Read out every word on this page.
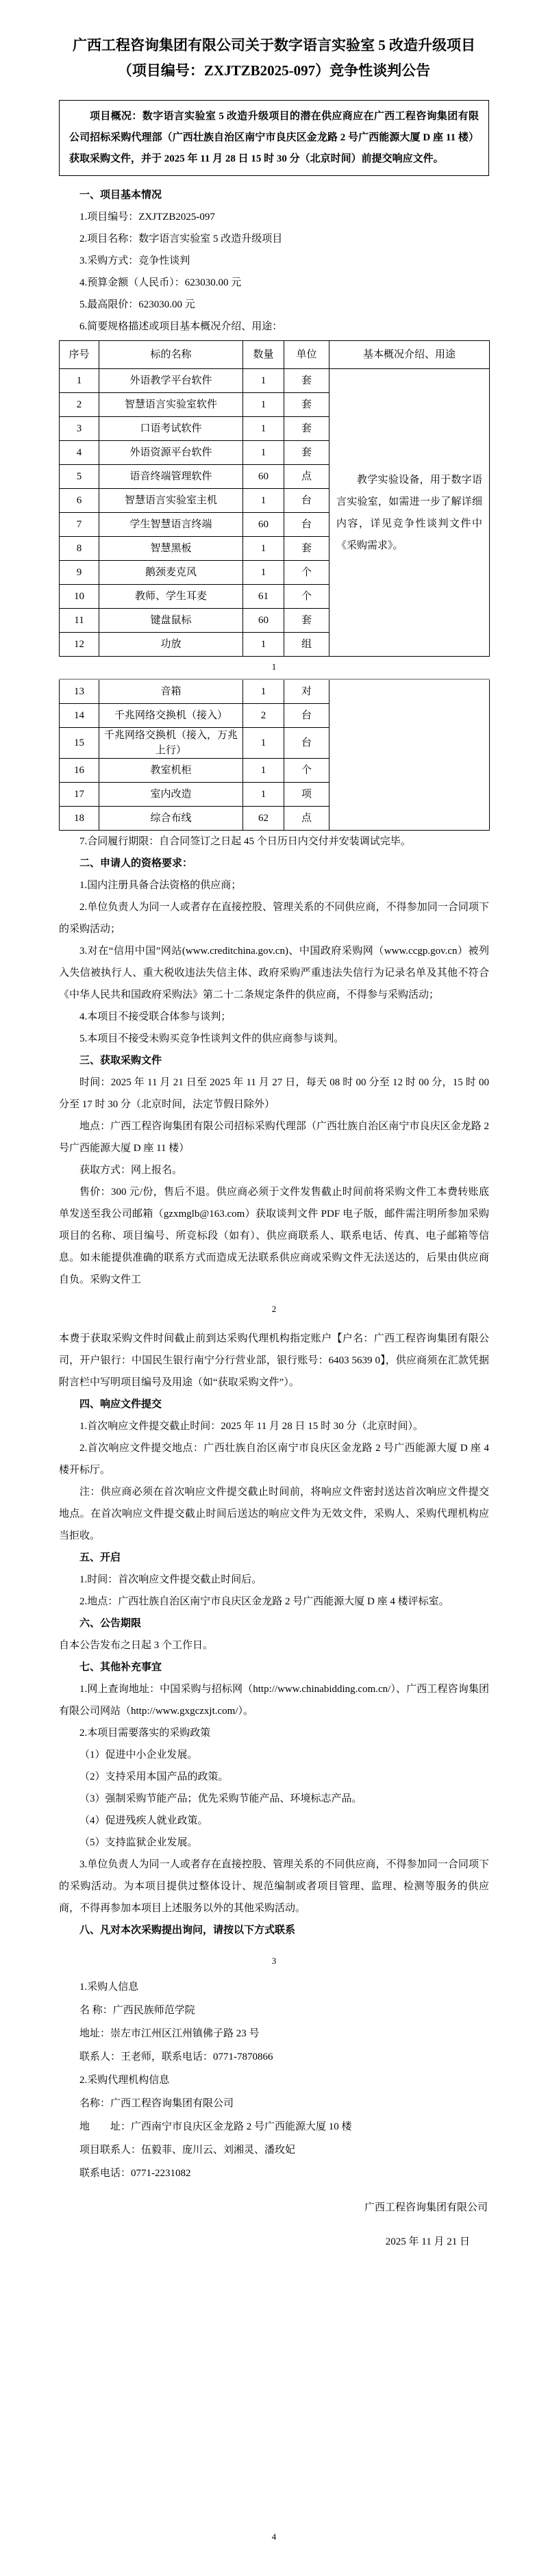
广西工程咨询集团有限公司关于数字语言实验室 5 改造升级项目
（项目编号：ZXJTZB2025-097）竞争性谈判公告
项目概况：数字语言实验室 5 改造升级项目的潜在供应商应在广西工程咨询集团有限公司招标采购代理部（广西壮族自治区南宁市良庆区金龙路 2 号广西能源大厦 D 座 11 楼）获取采购文件，并于 2025 年 11 月 28 日 15 时 30 分（北京时间）前提交响应文件。

一、项目基本情况

1.项目编号：ZXJTZB2025-097

2.项目名称：数字语言实验室 5 改造升级项目

3.采购方式：竞争性谈判

4.预算金额（人民币）：623030.00 元

5.最高限价：623030.00 元

6.简要规格描述或项目基本概况介绍、用途：

序号	标的名称	数量	单位	基本概况介绍、用途
1	外语教学平台软件	1	套	教学实验设备，用于数字语言实验室，如需进一步了解详细内容，详见竞争性谈判文件中《采购需求》。
2	智慧语言实验室软件	1	套	
3	口语考试软件	1	套	
4	外语资源平台软件	1	套	
5	语音终端管理软件	60	点	
6	智慧语言实验室主机	1	台	
7	学生智慧语言终端	60	台	
8	智慧黑板	1	套	
9	鹅颈麦克风	1	个	
10	教师、学生耳麦	61	个	
11	键盘鼠标	60	套	
12	功放	1	组	
1
13	音箱	1	对	
14	千兆网络交换机（接入）	2	台	
15	千兆网络交换机（接入，万兆上行）	1	台	
16	教室机柜	1	个	
17	室内改造	1	项	
18	综合布线	62	点	

7.合同履行期限：自合同签订之日起 45 个日历日内交付并安装调试完毕。

二、申请人的资格要求：

1.国内注册具备合法资格的供应商；

2.单位负责人为同一人或者存在直接控股、管理关系的不同供应商，不得参加同一合同项下的采购活动；

3.对在“信用中国”网站(www.creditchina.gov.cn)、中国政府采购网（www.ccgp.gov.cn）被列入失信被执行人、重大税收违法失信主体、政府采购严重违法失信行为记录名单及其他不符合《中华人民共和国政府采购法》第二十二条规定条件的供应商，不得参与采购活动；

4.本项目不接受联合体参与谈判；

5.本项目不接受未购买竞争性谈判文件的供应商参与谈判。

三、获取采购文件

时间：2025 年 11 月 21 日至 2025 年 11 月 27 日，每天 08 时 00 分至 12 时 00 分，15 时 00 分至 17 时 30 分（北京时间，法定节假日除外）

地点：广西工程咨询集团有限公司招标采购代理部（广西壮族自治区南宁市良庆区金龙路 2 号广西能源大厦 D 座 11 楼）

获取方式：网上报名。

售价：300 元/份，售后不退。供应商必须于文件发售截止时间前将采购文件工本费转账底单发送至我公司邮箱（gzxmglb@163.com）获取谈判文件 PDF 电子版，邮件需注明所参加采购项目的名称、项目编号、所竞标段（如有）、供应商联系人、联系电话、传真、电子邮箱等信息。如未能提供准确的联系方式而造成无法联系供应商或采购文件无法送达的，后果由供应商自负。采购文件工

2

本费于获取采购文件时间截止前到达采购代理机构指定账户【户名：广西工程咨询集团有限公司，开户银行：中国民生银行南宁分行营业部，银行账号：6403 5639 0】，供应商须在汇款凭据附言栏中写明项目编号及用途（如“获取采购文件”）。

四、响应文件提交

1.首次响应文件提交截止时间：2025 年 11 月 28 日 15 时 30 分（北京时间）。

2.首次响应文件提交地点：广西壮族自治区南宁市良庆区金龙路 2 号广西能源大厦 D 座 4 楼开标厅。

注：供应商必须在首次响应文件提交截止时间前，将响应文件密封送达首次响应文件提交地点。在首次响应文件提交截止时间后送达的响应文件为无效文件，采购人、采购代理机构应当拒收。

五、开启

1.时间：首次响应文件提交截止时间后。

2.地点：广西壮族自治区南宁市良庆区金龙路 2 号广西能源大厦 D 座 4 楼评标室。

六、公告期限

自本公告发布之日起 3 个工作日。

七、其他补充事宜

1.网上查询地址：中国采购与招标网（http://www.chinabidding.com.cn/）、广西工程咨询集团有限公司网站（http://www.gxgczxjt.com/）。

2.本项目需要落实的采购政策

（1）促进中小企业发展。

（2）支持采用本国产品的政策。

（3）强制采购节能产品；优先采购节能产品、环境标志产品。

（4）促进残疾人就业政策。

（5）支持监狱企业发展。

3.单位负责人为同一人或者存在直接控股、管理关系的不同供应商，不得参加同一合同项下的采购活动。为本项目提供过整体设计、规范编制或者项目管理、监理、检测等服务的供应商，不得再参加本项目上述服务以外的其他采购活动。

八、凡对本次采购提出询问，请按以下方式联系

3

1.采购人信息

名 称：广西民族师范学院

地址：崇左市江州区江州镇佛子路 23 号

联系人：王老师，联系电话：0771-7870866

2.采购代理机构信息

名称：广西工程咨询集团有限公司

地　　址：广西南宁市良庆区金龙路 2 号广西能源大厦 10 楼

项目联系人：伍毅菲、庞川云、刘湘灵、潘玫妃

联系电话：0771-2231082

广西工程咨询集团有限公司
2025 年 11 月 21 日
4
